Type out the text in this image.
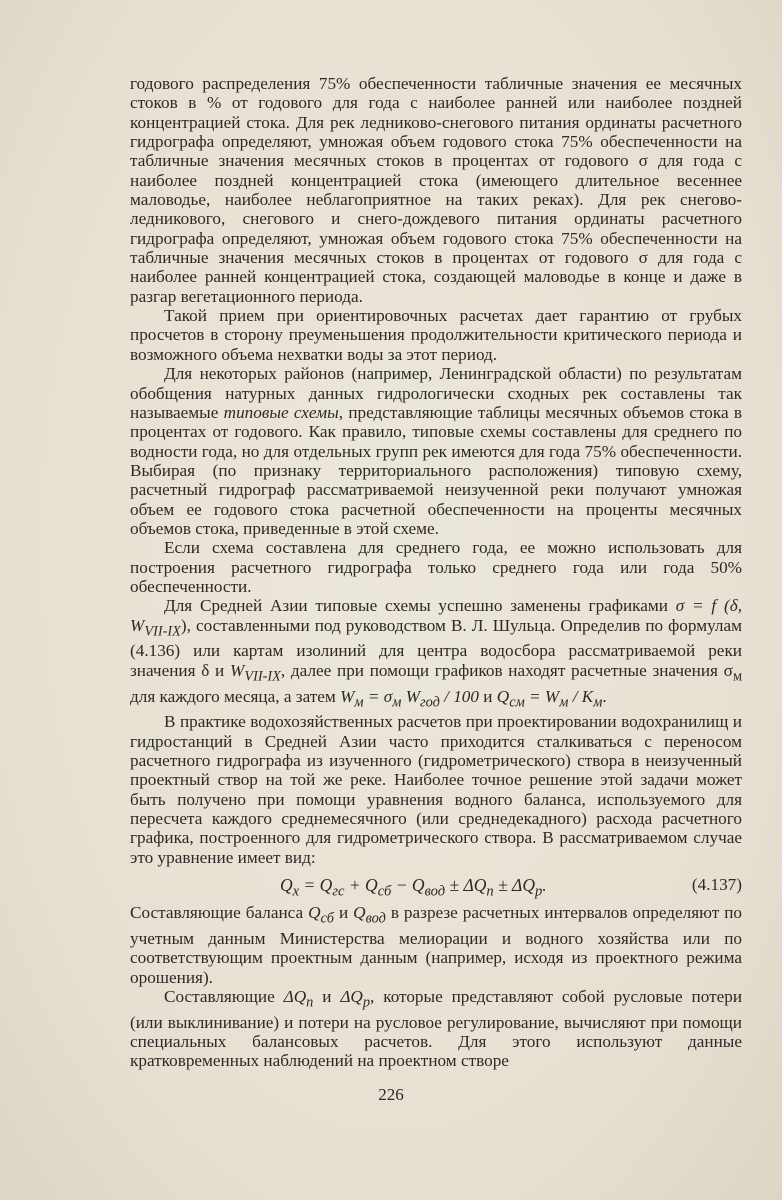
годового распределения 75% обеспеченности табличные значения ее месячных стоков в % от годового для года с наиболее ранней или наиболее поздней концентрацией стока. Для рек ледниково-снегового питания ординаты расчетного гидрографа определяют, умножая объем годового стока 75% обеспеченности на табличные значения месячных стоков в процентах от годового σ для года с наиболее поздней концентрацией стока (имеющего длительное весеннее маловодье, наиболее неблагоприятное на таких реках). Для рек снегово-ледникового, снегового и снего-дождевого питания ординаты расчетного гидрографа определяют, умножая объем годового стока 75% обеспеченности на табличные значения месячных стоков в процентах от годового σ для года с наиболее ранней концентрацией стока, создающей маловодье в конце и даже в разгар вегетационного периода.

Такой прием при ориентировочных расчетах дает гарантию от грубых просчетов в сторону преуменьшения продолжительности критического периода и возможного объема нехватки воды за этот период.

Для некоторых районов (например, Ленинградской области) по результатам обобщения натурных данных гидрологически сходных рек составлены так называемые типовые схемы, представляющие таблицы месячных объемов стока в процентах от годового. Как правило, типовые схемы составлены для среднего по водности года, но для отдельных групп рек имеются для года 75% обеспеченности. Выбирая (по признаку территориального расположения) типовую схему, расчетный гидрограф рассматриваемой неизученной реки получают умножая объем ее годового стока расчетной обеспеченности на проценты месячных объемов стока, приведенные в этой схеме.

Если схема составлена для среднего года, ее можно использовать для построения расчетного гидрографа только среднего года или года 50% обеспеченности.

Для Средней Азии типовые схемы успешно заменены графиками σ = f (δ, $W_{VII-IX}$), составленными под руководством В. Л. Шульца. Определив по формулам (4.136) или картам изолиний для центра водосбора рассматриваемой реки значения δ и $W_{VII-IX}$, далее при помощи графиков находят расчетные значения $\sigma_м$ для каждого месяца, а затем $W_м = \sigma_м$ $W_{год} / 100$ и $Q_{см} = W_м / K_м$.

В практике водохозяйственных расчетов при проектировании водохранилищ и гидростанций в Средней Азии часто приходится сталкиваться с переносом расчетного гидрографа из изученного (гидрометрического) створа в неизученный проектный створ на той же реке. Наиболее точное решение этой задачи может быть получено при помощи уравнения водного баланса, используемого для пересчета каждого среднемесячного (или среднедекадного) расхода расчетного графика, построенного для гидрометрического створа. В рассматриваемом случае это уравнение имеет вид:

$Q_x = Q_{гс} + Q_{сб} - Q_{вод} \pm \Delta Q_п \pm \Delta Q_р$.	(4.137)

Составляющие баланса $Q_{сб}$ и $Q_{вод}$ в разрезе расчетных интервалов определяют по учетным данным Министерства мелиорации и водного хозяйства или по соответствующим проектным данным (например, исходя из проектного режима орошения).

Составляющие $\Delta Q_п$ и $\Delta Q_р$, которые представляют собой русловые потери (или выклинивание) и потери на русловое регулирование, вычисляют при помощи специальных балансовых расчетов. Для этого используют данные кратковременных наблюдений на проектном створе

226
